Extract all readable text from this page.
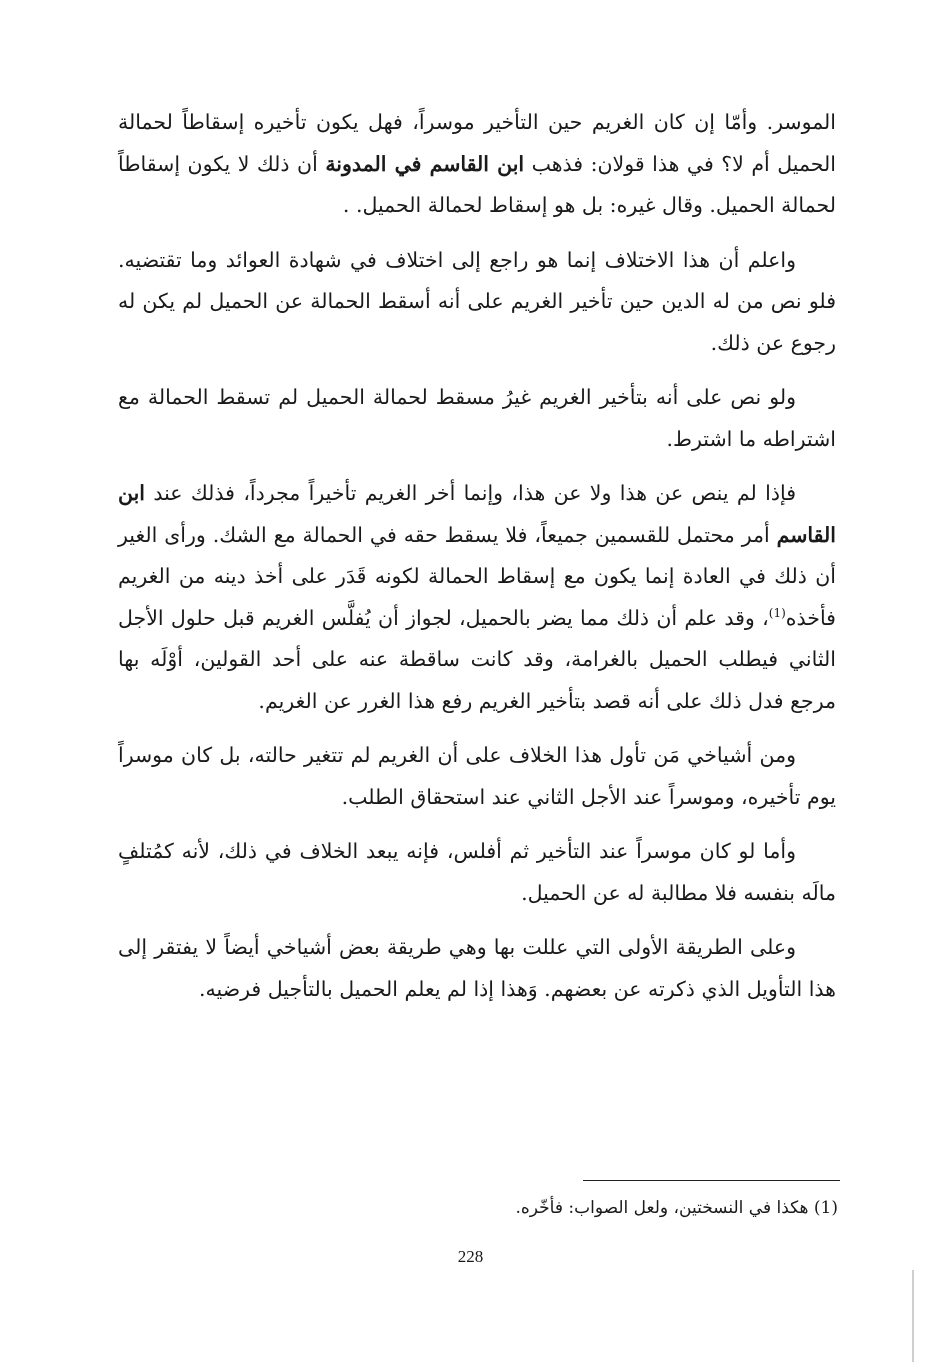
الموسر. وأمّا إن كان الغريم حين التأخير موسراً، فهل يكون تأخيره إسقاطاً لحمالة الحميل أم لا؟ في هذا قولان: فذهب ابن القاسم في المدونة أن ذلك لا يكون إسقاطاً لحمالة الحميل. وقال غيره: بل هو إسقاط لحمالة الحميل. .

واعلم أن هذا الاختلاف إنما هو راجع إلى اختلاف في شهادة العوائد وما تقتضيه. فلو نص من له الدين حين تأخير الغريم على أنه أسقط الحمالة عن الحميل لم يكن له رجوع عن ذلك.

ولو نص على أنه بتأخير الغريم غيرُ مسقط لحمالة الحميل لم تسقط الحمالة مع اشتراطه ما اشترط.

فإذا لم ينص عن هذا ولا عن هذا، وإنما أخر الغريم تأخيراً مجرداً، فذلك عند ابن القاسم أمر محتمل للقسمين جميعاً، فلا يسقط حقه في الحمالة مع الشك. ورأى الغير أن ذلك في العادة إنما يكون مع إسقاط الحمالة لكونه قَدَر على أخذ دينه من الغريم فأخذه$^{(1)}$، وقد علم أن ذلك مما يضر بالحميل، لجواز أن يُفلَّس الغريم قبل حلول الأجل الثاني فيطلب الحميل بالغرامة، وقد كانت ساقطة عنه على أحد القولين، أوْلَه بها مرجع فدل ذلك على أنه قصد بتأخير الغريم رفع هذا الغرر عن الغريم.

ومن أشياخي مَن تأول هذا الخلاف على أن الغريم لم تتغير حالته، بل كان موسراً يوم تأخيره، وموسراً عند الأجل الثاني عند استحقاق الطلب.

وأما لو كان موسراً عند التأخير ثم أفلس، فإنه يبعد الخلاف في ذلك، لأنه كمُتلفٍ مالَه بنفسه فلا مطالبة له عن الحميل.

وعلى الطريقة الأولى التي عللت بها وهي طريقة بعض أشياخي أيضاً لا يفتقر إلى هذا التأويل الذي ذكرته عن بعضهم. وَهذا إذا لم يعلم الحميل بالتأجيل فرضيه.

(1) هكذا في النسختين، ولعل الصواب: فأخّره.
228
